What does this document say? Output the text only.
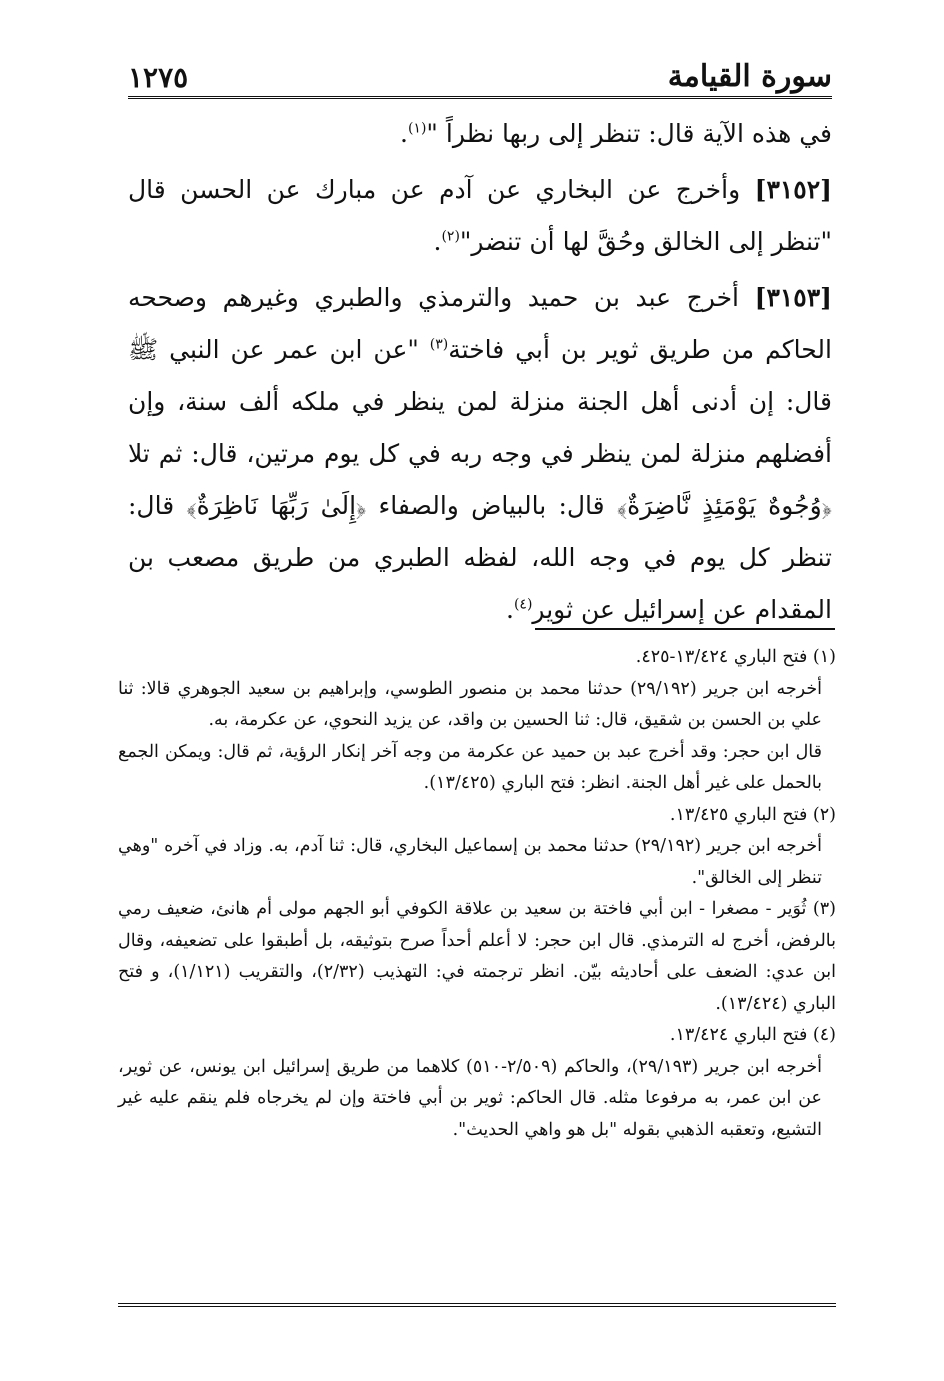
سورة القيامة
١٢٧٥

في هذه الآية قال: تنظر إلى ربها نظراً "$^{(١)}$.

[٣١٥٢] وأخرج عن البخاري عن آدم عن مبارك عن الحسن قال "تنظر إلى الخالق وحُقَّ لها أن تنضر"$^{(٢)}$.

[٣١٥٣] أخرج عبد بن حميد والترمذي والطبري وغيرهم وصححه الحاكم من طريق ثوير بن أبي فاختة$^{(٣)}$ "عن ابن عمر عن النبي ﷺ قال: إن أدنى أهل الجنة منزلة لمن ينظر في ملكه ألف سنة، وإن أفضلهم منزلة لمن ينظر في وجه ربه في كل يوم مرتين، قال: ثم تلا ﴿وُجُوهٌ يَوْمَئِذٍ نَّاضِرَةٌ﴾ قال: بالبياض والصفاء ﴿إِلَىٰ رَبِّهَا نَاظِرَةٌ﴾ قال: تنظر كل يوم في وجه الله، لفظه الطبري من طريق مصعب بن المقدام عن إسرائيل عن ثوير$^{(٤)}$.

(١) فتح الباري ١٣/٤٢٤-٤٢٥.

أخرجه ابن جرير (٢٩/١٩٢) حدثنا محمد بن منصور الطوسي، وإبراهيم بن سعيد الجوهري قالا: ثنا علي بن الحسن بن شقيق، قال: ثنا الحسين بن واقد، عن يزيد النحوي، عن عكرمة، به.

قال ابن حجر: وقد أخرج عبد بن حميد عن عكرمة من وجه آخر إنكار الرؤية، ثم قال: ويمكن الجمع بالحمل على غير أهل الجنة. انظر: فتح الباري (١٣/٤٢٥).

(٢) فتح الباري ١٣/٤٢٥.

أخرجه ابن جرير (٢٩/١٩٢) حدثنا محمد بن إسماعيل البخاري، قال: ثنا آدم، به. وزاد في آخره "وهي تنظر إلى الخالق".

(٣) ثُوَير - مصغرا - ابن أبي فاختة بن سعيد بن علاقة الكوفي أبو الجهم مولى أم هانئ، ضعيف رمي بالرفض، أخرج له الترمذي. قال ابن حجر: لا أعلم أحداً صرح بتوثيقه، بل أطبقوا على تضعيفه، وقال ابن عدي: الضعف على أحاديثه بيّن. انظر ترجمته في: التهذيب (٢/٣٢)، والتقريب (١/١٢١)، و فتح الباري (١٣/٤٢٤).

(٤) فتح الباري ١٣/٤٢٤.

أخرجه ابن جرير (٢٩/١٩٣)، والحاكم (٢/٥٠٩-٥١٠) كلاهما من طريق إسرائيل ابن يونس، عن ثوير، عن ابن عمر، به مرفوعا مثله. قال الحاكم: ثوير بن أبي فاختة وإن لم يخرجاه فلم ينقم عليه غير التشيع، وتعقبه الذهبي بقوله "بل هو واهي الحديث".
